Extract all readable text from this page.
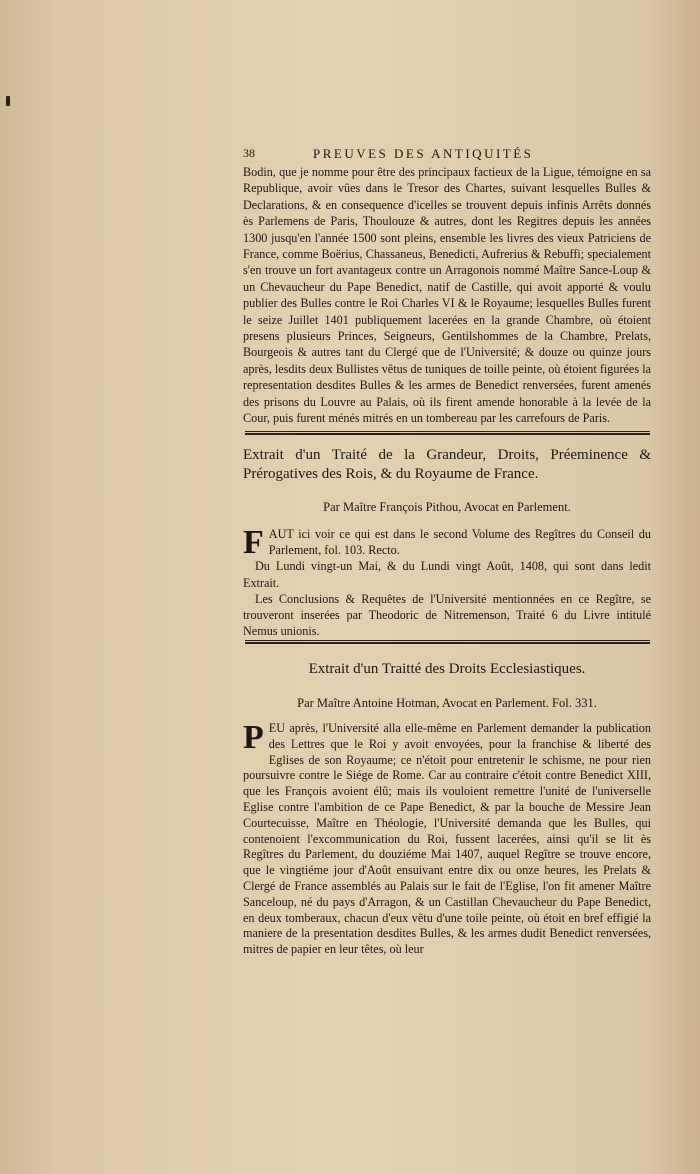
38	PREUVES DES ANTIQUITÉS

Bodin, que je nomme pour être des principaux factieux de la Ligue, témoigne en sa Republique, avoir vûes dans le Tresor des Chartes, suivant lesquelles Bulles & Declarations, & en consequence d'icelles se trouvent depuis infinis Arrêts donnés ès Parlemens de Paris, Thoulouze & autres, dont les Regitres depuis les années 1300 jusqu'en l'année 1500 sont pleins, ensemble les livres des vieux Patriciens de France, comme Boërius, Chassaneus, Benedicti, Aufrerius & Rebuffi; specialement s'en trouve un fort avantageux contre un Arragonois nommé Maître Sance-Loup & un Chevaucheur du Pape Benedict, natif de Castille, qui avoit apporté & voulu publier des Bulles contre le Roi Charles VI & le Royaume; lesquelles Bulles furent le seize Juillet 1401 publiquement lacerées en la grande Chambre, où étoient presens plusieurs Princes, Seigneurs, Gentilshommes de la Chambre, Prelats, Bourgeois & autres tant du Clergé que de l'Université; & douze ou quinze jours après, lesdits deux Bullistes vêtus de tuniques de toille peinte, où étoient figurées la representation desdites Bulles & les armes de Benedict renversées, furent amenés des prisons du Louvre au Palais, où ils firent amende honorable à la levée de la Cour, puis furent ménés mitrés en un tombereau par les carrefours de Paris.

Extrait d'un Traité de la Grandeur, Droits, Préeminence & Prérogatives des Rois, & du Royaume de France.
Par Maître François Pithou, Avocat en Parlement.
F AUT ici voir ce qui est dans le second Volume des Regîtres du Conseil du Parlement, fol. 103. Recto.

Du Lundi vingt-un Mai, & du Lundi vingt Août, 1408, qui sont dans ledit Extrait.

Les Conclusions & Requêtes de l'Université mentionnées en ce Regître, se trouveront inserées par Theodoric de Nitremenson, Traité 6 du Livre intitulé Nemus unionis.

Extrait d'un Traitté des Droits Ecclesiastiques.
Par Maître Antoine Hotman, Avocat en Parlement. Fol. 331.
P EU après, l'Université alla elle-même en Parlement demander la publication des Lettres que le Roi y avoit envoyées, pour la franchise & liberté des Eglises de son Royaume; ce n'étoit pour entretenir le schisme, ne pour rien poursuivre contre le Siége de Rome. Car au contraire c'étoit contre Benedict XIII, que les François avoient élû; mais ils vouloient remettre l'unité de l'universelle Eglise contre l'ambition de ce Pape Benedict, & par la bouche de Messire Jean Courtecuisse, Maître en Théologie, l'Université demanda que les Bulles, qui contenoient l'excommunication du Roi, fussent lacerées, ainsi qu'il se lit ès Regîtres du Parlement, du douziéme Mai 1407, auquel Regître se trouve encore, que le vingtiéme jour d'Août ensuivant entre dix ou onze heures, les Prelats & Clergé de France assemblés au Palais sur le fait de l'Eglise, l'on fit amener Maître Sanceloup, né du pays d'Arragon, & un Castillan Chevaucheur du Pape Benedict, en deux tomberaux, chacun d'eux vêtu d'une toile peinte, où étoit en bref effigié la maniere de la presentation desdites Bulles, & les armes dudit Benedict renversées, mitres de papier en leur têtes, où leur
